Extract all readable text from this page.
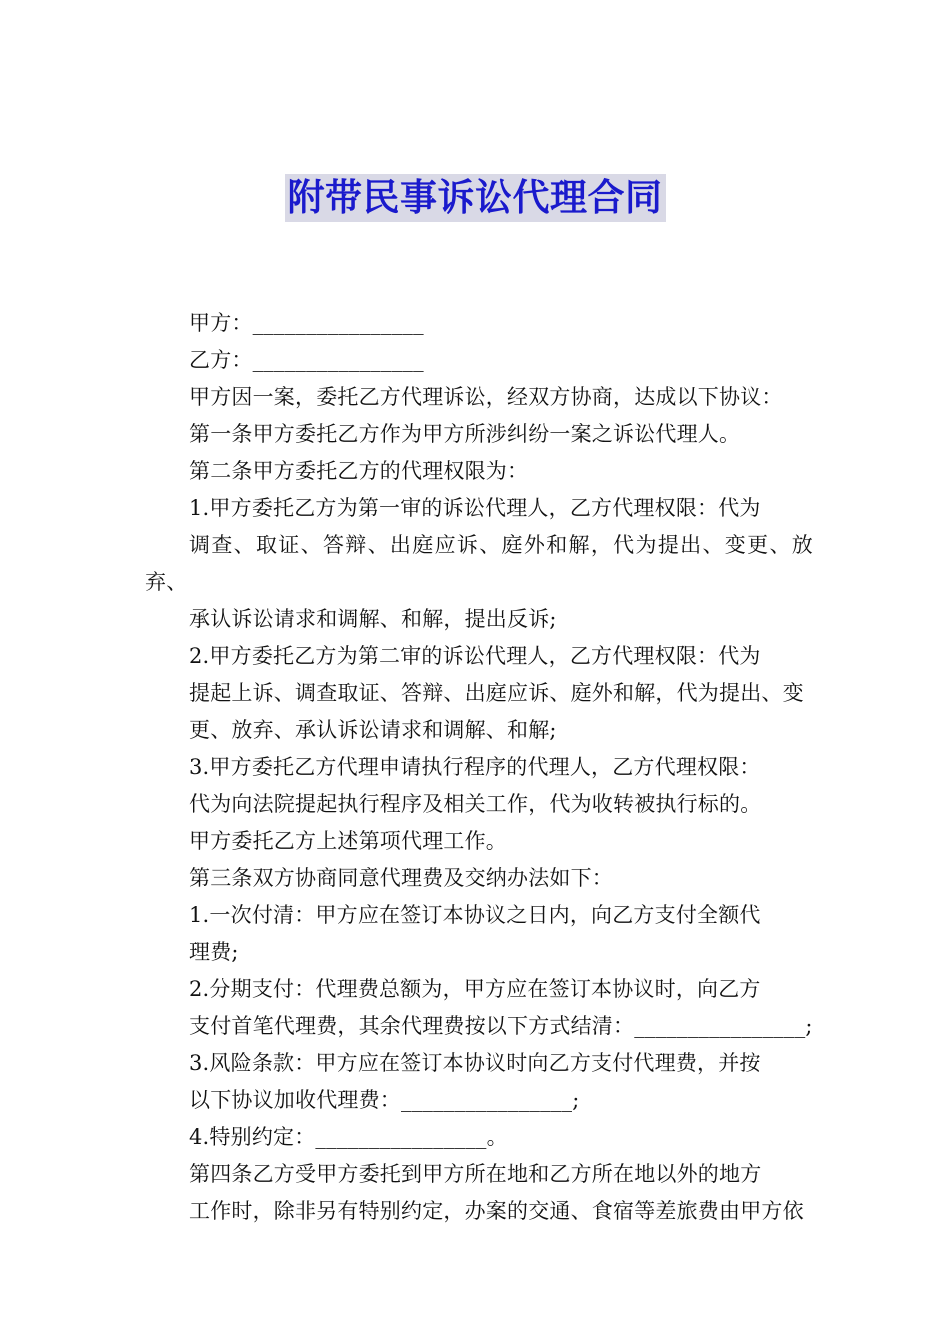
附带民事诉讼代理合同

甲方：________________

乙方：________________

甲方因一案，委托乙方代理诉讼，经双方协商，达成以下协议：

第一条甲方委托乙方作为甲方所涉纠纷一案之诉讼代理人。

第二条甲方委托乙方的代理权限为：

1.甲方委托乙方为第一审的诉讼代理人，乙方代理权限：代为
调查、取证、答辩、出庭应诉、庭外和解，代为提出、变更、放弃、
承认诉讼请求和调解、和解，提出反诉;

2.甲方委托乙方为第二审的诉讼代理人，乙方代理权限：代为
提起上诉、调查取证、答辩、出庭应诉、庭外和解，代为提出、变
更、放弃、承认诉讼请求和调解、和解;

3.甲方委托乙方代理申请执行程序的代理人，乙方代理权限：
代为向法院提起执行程序及相关工作，代为收转被执行标的。

甲方委托乙方上述第项代理工作。

第三条双方协商同意代理费及交纳办法如下：

1.一次付清：甲方应在签订本协议之日内，向乙方支付全额代
理费;

2.分期支付：代理费总额为，甲方应在签订本协议时，向乙方
支付首笔代理费，其余代理费按以下方式结清：________________;

3.风险条款：甲方应在签订本协议时向乙方支付代理费，并按
以下协议加收代理费：________________;

4.特别约定：________________。

第四条乙方受甲方委托到甲方所在地和乙方所在地以外的地方
工作时，除非另有特别约定，办案的交通、食宿等差旅费由甲方依
